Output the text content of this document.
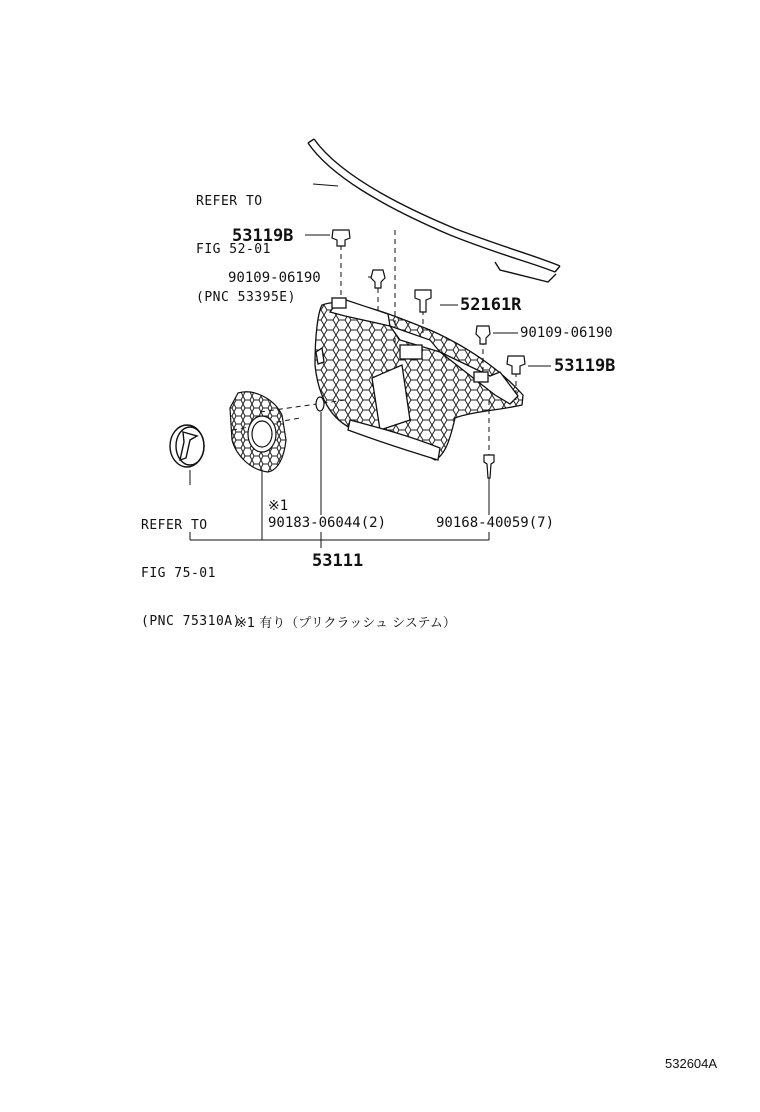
REFER TO

FIG 52-01

(PNC 53395E)

REFER TO

FIG 75-01

(PNC 75310A)

53119B
90109-06190
52161R
90109-06190
53119B
※1
90183-06044(2)	90168-40059(7)
53111
※1 有り（プリクラッシュ システム）
532604A
